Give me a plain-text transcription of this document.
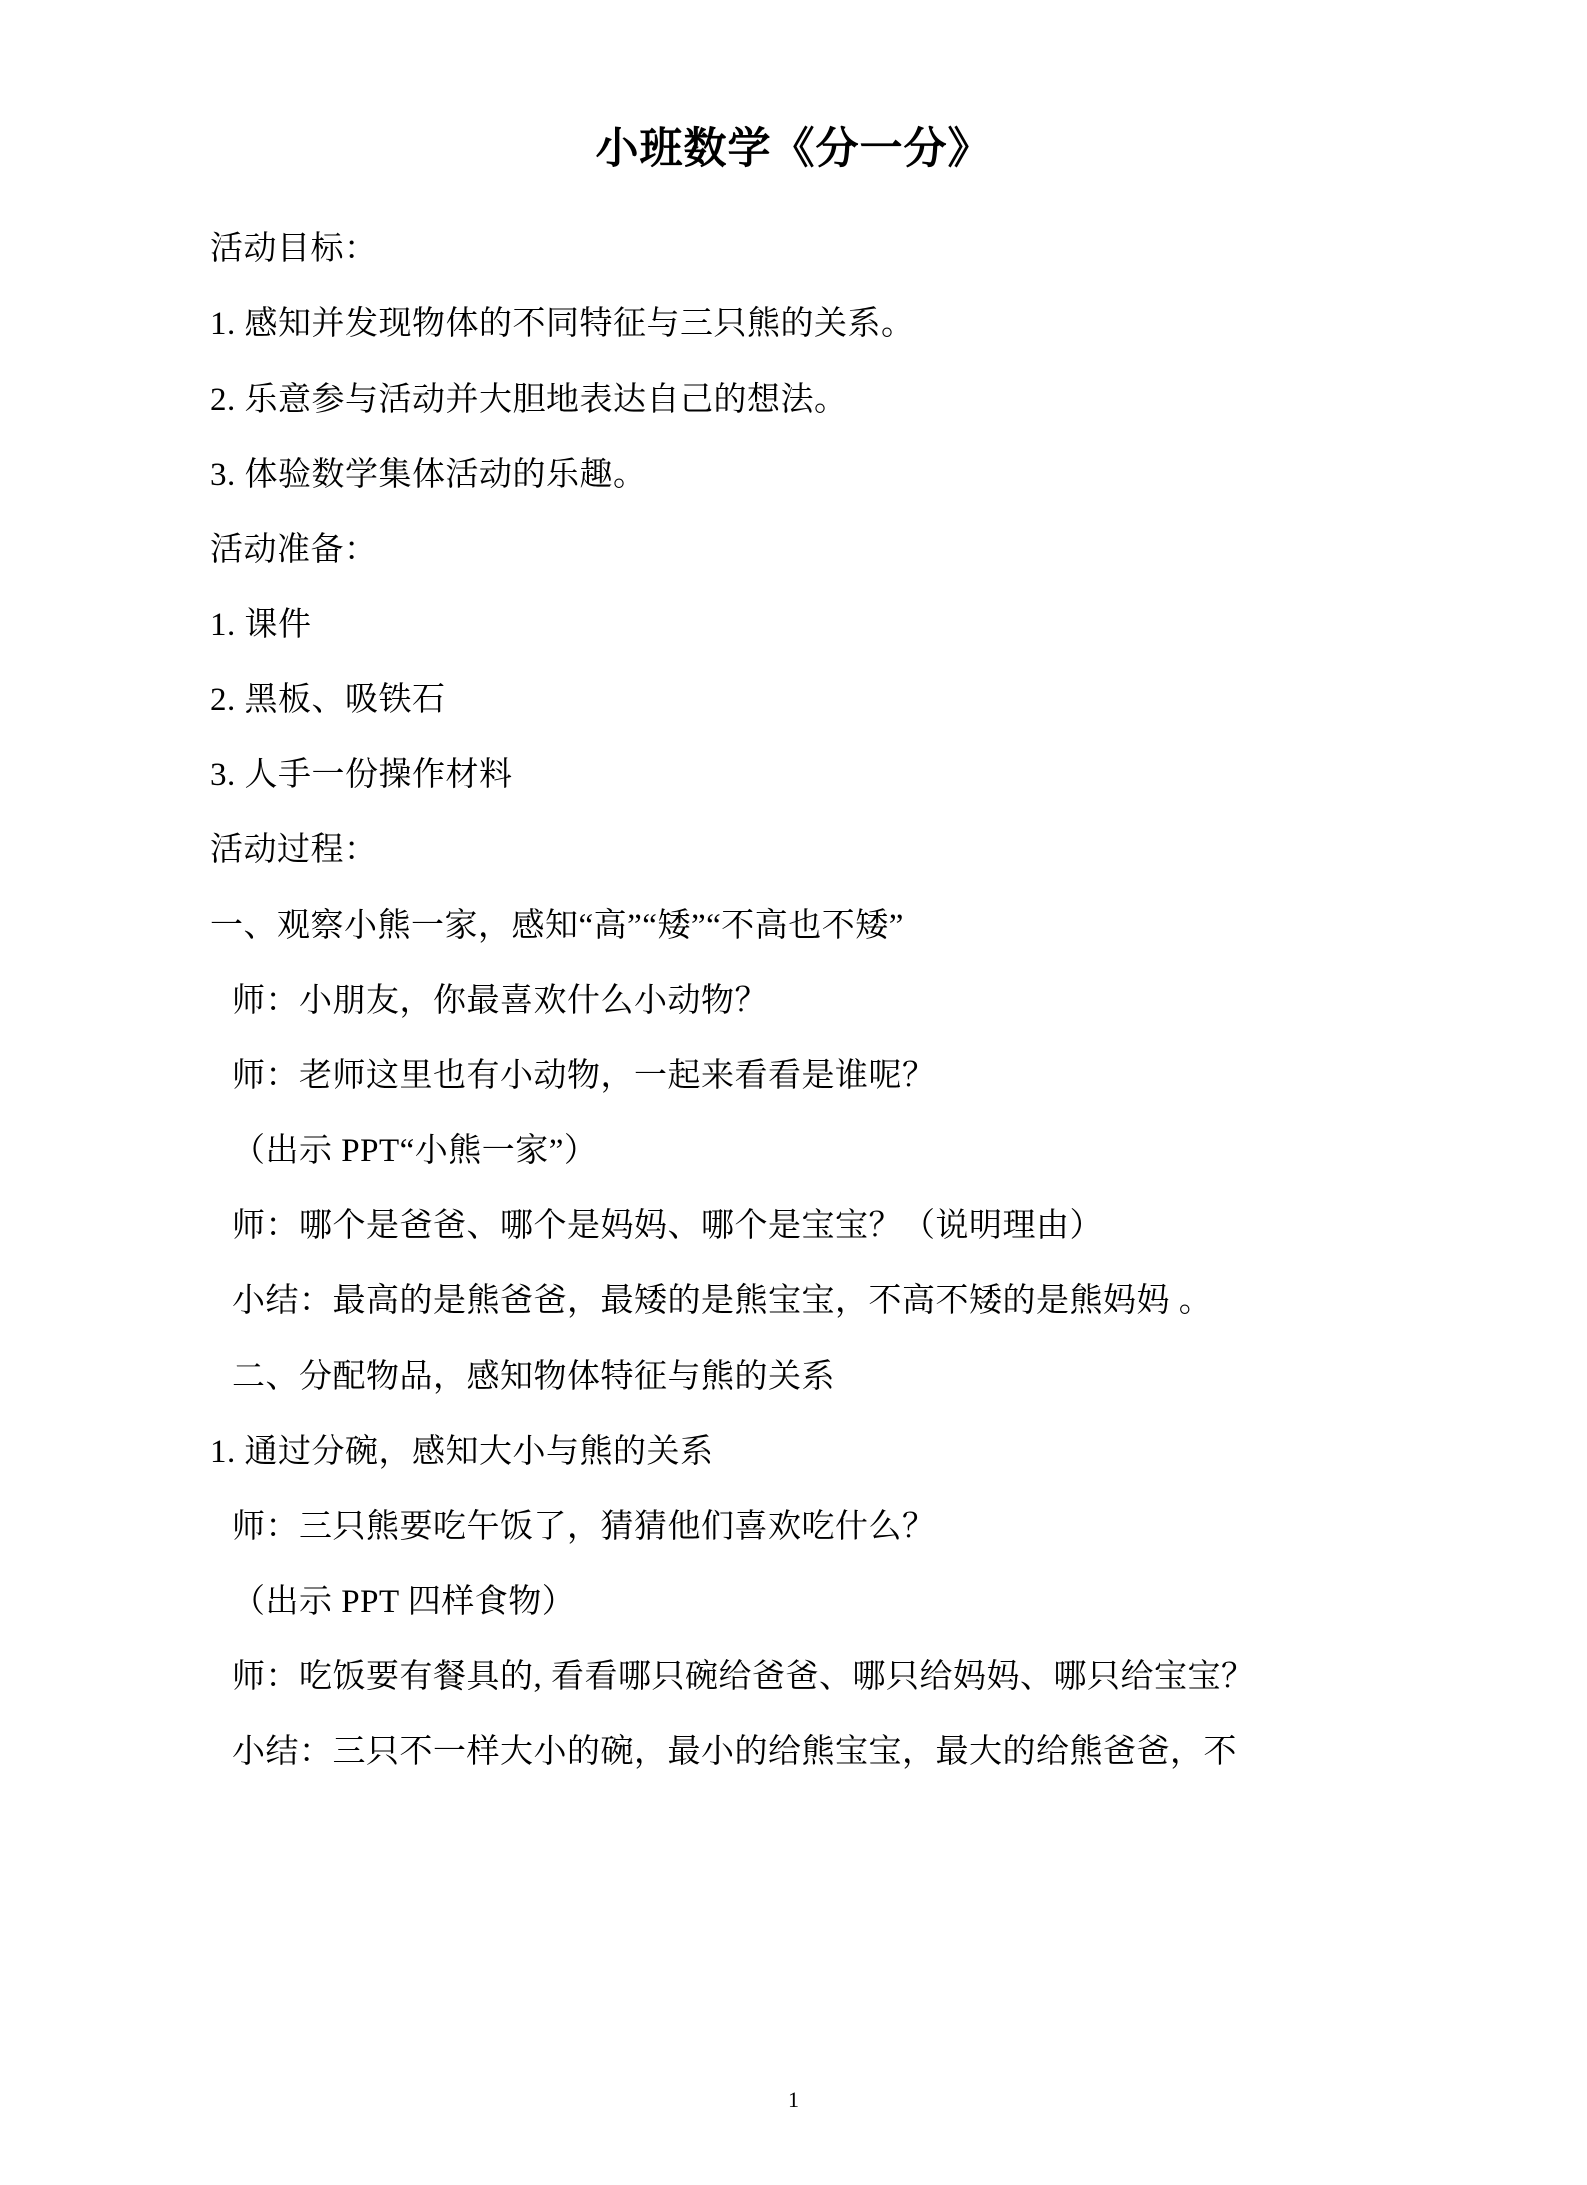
小班数学《分一分》

活动目标：

1. 感知并发现物体的不同特征与三只熊的关系。

2. 乐意参与活动并大胆地表达自己的想法。

3. 体验数学集体活动的乐趣。

活动准备：

1. 课件

2. 黑板、吸铁石

3. 人手一份操作材料

活动过程：

一、观察小熊一家，感知“高”“矮”“不高也不矮”

师：小朋友，你最喜欢什么小动物？

师：老师这里也有小动物，一起来看看是谁呢？

（出示 PPT“小熊一家”）

师：哪个是爸爸、哪个是妈妈、哪个是宝宝？（说明理由）

小结：最高的是熊爸爸，最矮的是熊宝宝，不高不矮的是熊妈妈 。

二、分配物品，感知物体特征与熊的关系

1. 通过分碗，感知大小与熊的关系

师：三只熊要吃午饭了，猜猜他们喜欢吃什么？

（出示 PPT 四样食物）

师：吃饭要有餐具的, 看看哪只碗给爸爸、哪只给妈妈、哪只给宝宝？

小结：三只不一样大小的碗，最小的给熊宝宝，最大的给熊爸爸，不

1
